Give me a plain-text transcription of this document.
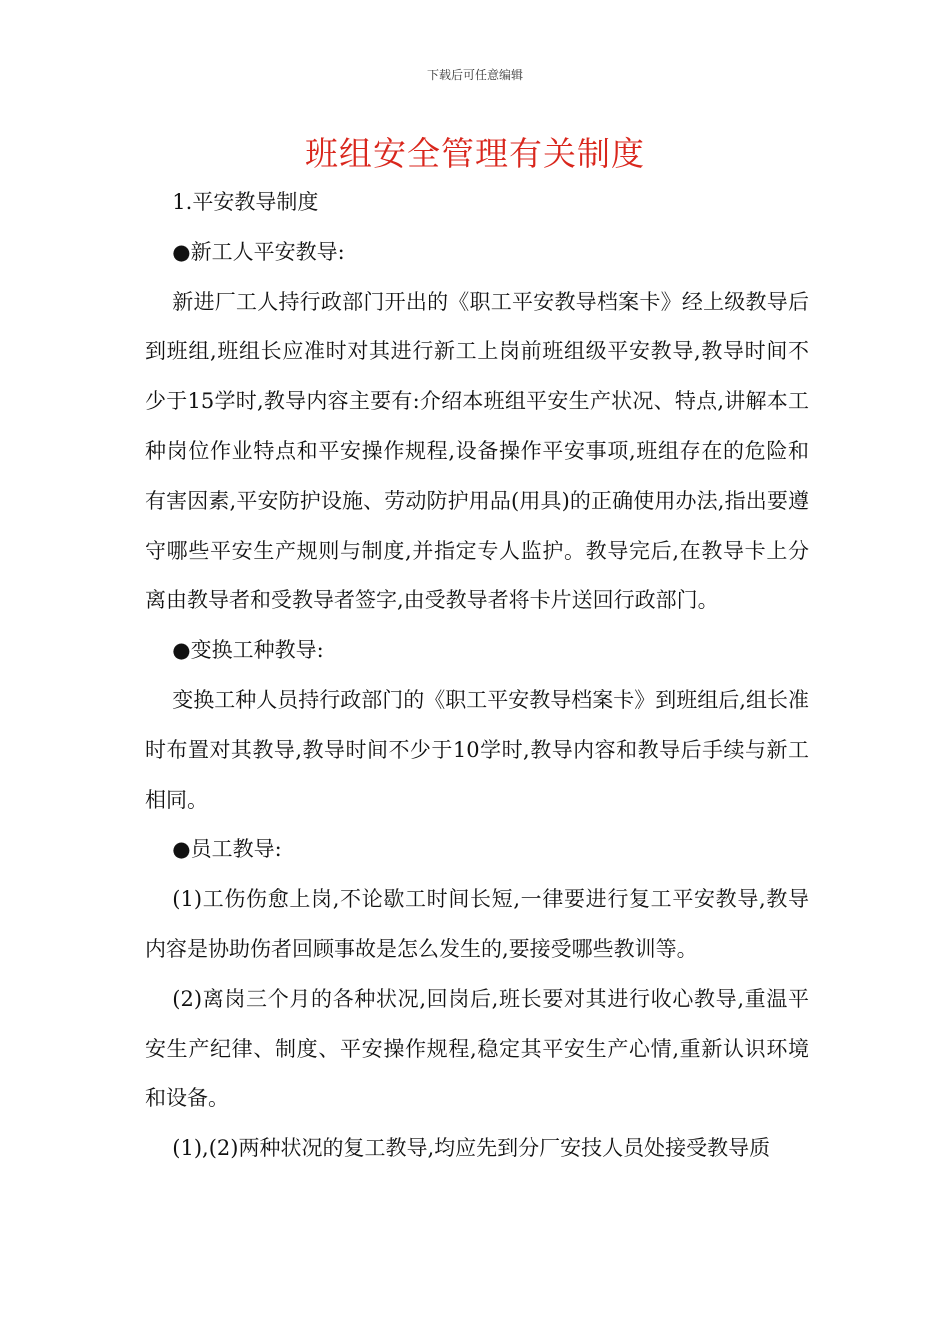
下载后可任意编辑
班组安全管理有关制度

1.平安教导制度

●新工人平安教导:

新进厂工人持行政部门开出的《职工平安教导档案卡》经上级教导后到班组,班组长应准时对其进行新工上岗前班组级平安教导,教导时间不少于15学时,教导内容主要有:介绍本班组平安生产状况、特点,讲解本工种岗位作业特点和平安操作规程,设备操作平安事项,班组存在的危险和有害因素,平安防护设施、劳动防护用品(用具)的正确使用办法,指出要遵守哪些平安生产规则与制度,并指定专人监护。教导完后,在教导卡上分离由教导者和受教导者签字,由受教导者将卡片送回行政部门。

●变换工种教导:

变换工种人员持行政部门的《职工平安教导档案卡》到班组后,组长准时布置对其教导,教导时间不少于10学时,教导内容和教导后手续与新工相同。

●员工教导:

(1)工伤伤愈上岗,不论歇工时间长短,一律要进行复工平安教导,教导内容是协助伤者回顾事故是怎么发生的,要接受哪些教训等。

(2)离岗三个月的各种状况,回岗后,班长要对其进行收心教导,重温平安生产纪律、制度、平安操作规程,稳定其平安生产心情,重新认识环境和设备。

(1),(2)两种状况的复工教导,均应先到分厂安技人员处接受教导质
